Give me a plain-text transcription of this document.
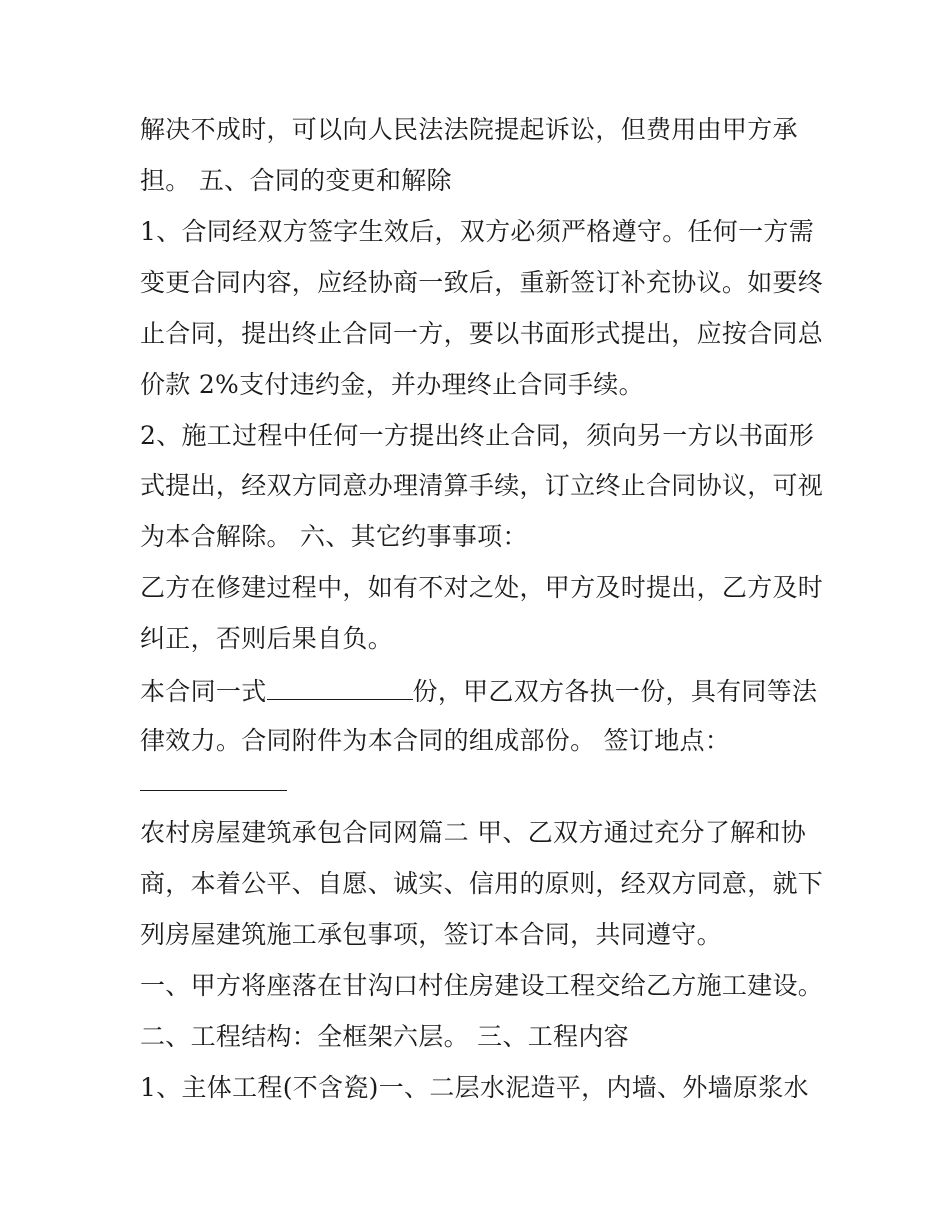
解决不成时，可以向人民法法院提起诉讼，但费用由甲方承
担。 五、合同的变更和解除
1、合同经双方签字生效后，双方必须严格遵守。任何一方需
变更合同内容，应经协商一致后，重新签订补充协议。如要终
止合同，提出终止合同一方，要以书面形式提出，应按合同总
价款 2%支付违约金，并办理终止合同手续。
2、施工过程中任何一方提出终止合同，须向另一方以书面形
式提出，经双方同意办理清算手续，订立终止合同协议，可视
为本合解除。 六、其它约事事项：
乙方在修建过程中，如有不对之处，甲方及时提出，乙方及时
纠正，否则后果自负。
本合同一式	份，甲乙双方各执一份，具有同等法
律效力。合同附件为本合同的组成部份。 签订地点：
农村房屋建筑承包合同网篇二 甲、乙双方通过充分了解和协
商，本着公平、自愿、诚实、信用的原则，经双方同意，就下
列房屋建筑施工承包事项，签订本合同，共同遵守。
一、甲方将座落在甘沟口村住房建设工程交给乙方施工建设。
二、工程结构：全框架六层。 三、工程内容
1、主体工程(不含瓷)一、二层水泥造平，内墙、外墙原浆水
